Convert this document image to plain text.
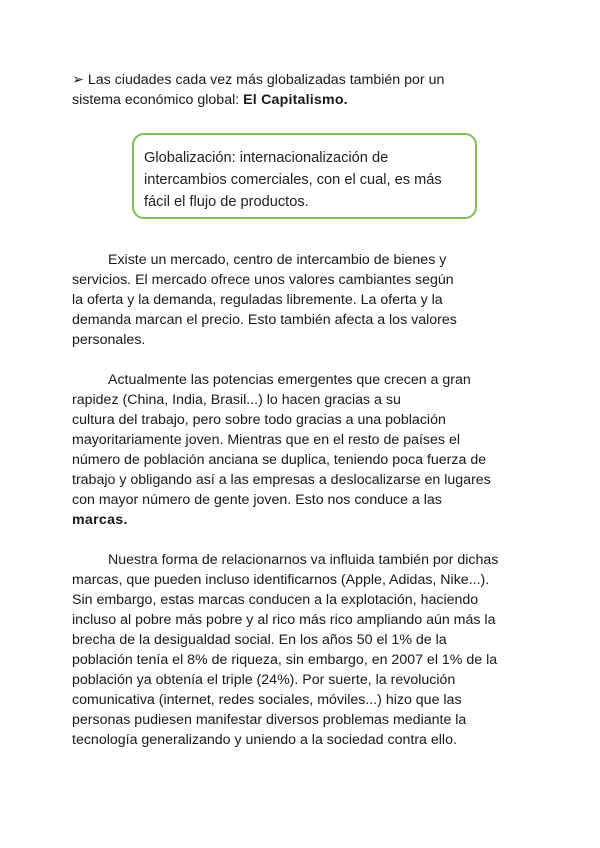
➢ Las ciudades cada vez más globalizadas también por un
sistema económico global: El Capitalismo.

Globalización: internacionalización de
intercambios comerciales, con el cual, es más
fácil el flujo de productos.
Existe un mercado, centro de intercambio de bienes y
servicios. El mercado ofrece unos valores cambiantes según
la oferta y la demanda, reguladas libremente. La oferta y la
demanda marcan el precio. Esto también afecta a los valores
personales.
Actualmente las potencias emergentes que crecen a gran
rapidez (China, India, Brasil...) lo hacen gracias a su
cultura del trabajo, pero sobre todo gracias a una población
mayoritariamente joven. Mientras que en el resto de países el
número de población anciana se duplica, teniendo poca fuerza de
trabajo y obligando así a las empresas a deslocalizarse en lugares
con mayor número de gente joven. Esto nos conduce a las
marcas.
Nuestra forma de relacionarnos va influida también por dichas
marcas, que pueden incluso identificarnos (Apple, Adidas, Nike...).
Sin embargo, estas marcas conducen a la explotación, haciendo
incluso al pobre más pobre y al rico más rico ampliando aún más la
brecha de la desigualdad social. En los años 50 el 1% de la
población tenía el 8% de riqueza, sin embargo, en 2007 el 1% de la
población ya obtenía el triple (24%). Por suerte, la revolución
comunicativa (internet, redes sociales, móviles...) hizo que las
personas pudiesen manifestar diversos problemas mediante la
tecnología generalizando y uniendo a la sociedad contra ello.
